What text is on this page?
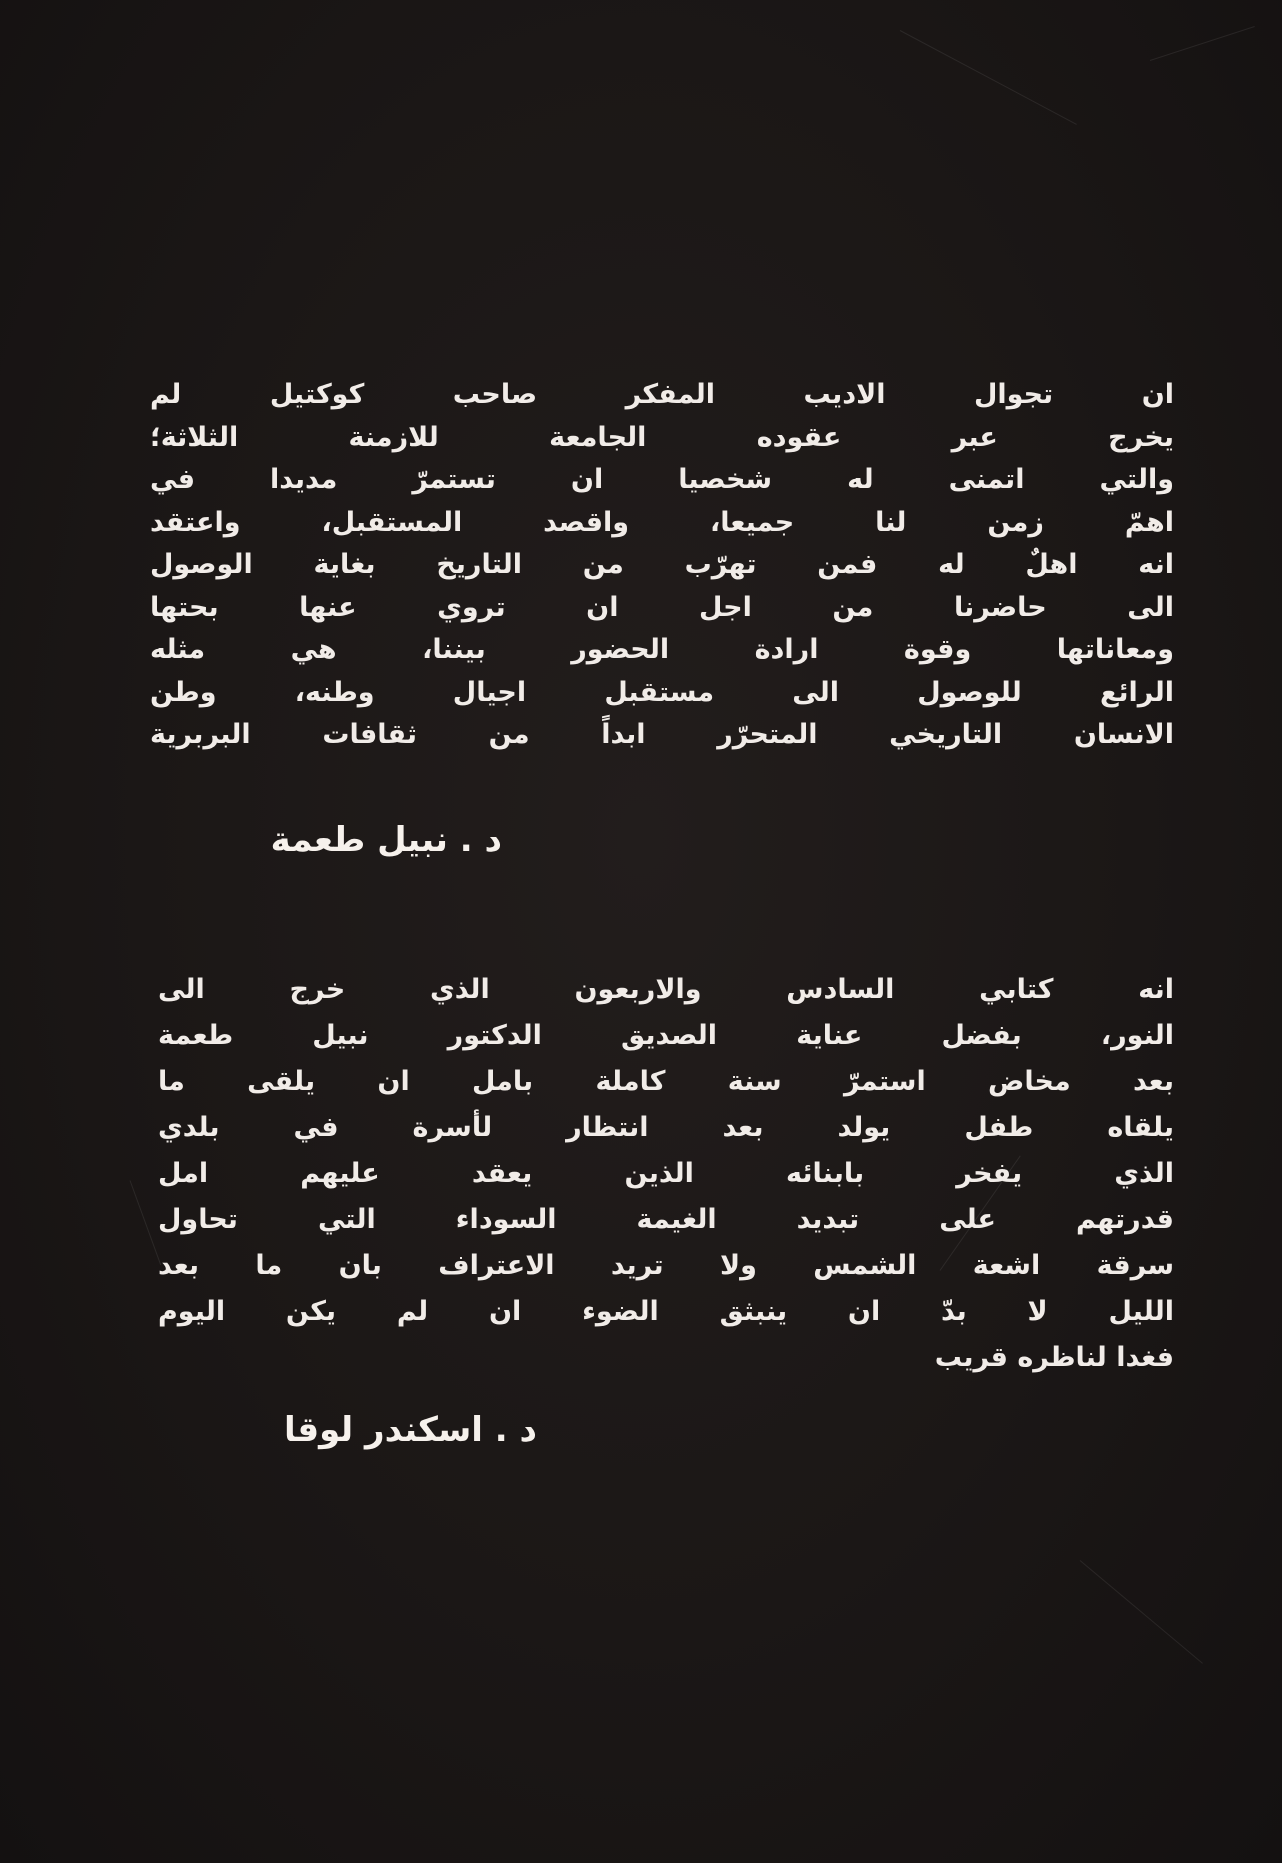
ان تجوال الاديب المفكر صاحب كوكتيل لم
يخرج عبر عقوده الجامعة للازمنة الثلاثة؛
والتي اتمنى له شخصيا ان تستمرّ مديدا في
اهمّ زمن لنا جميعا، واقصد المستقبل، واعتقد
انه اهلٌ له فمن تهرّب من التاريخ بغاية الوصول
الى حاضرنا من اجل ان تروي عنها بحتها
ومعاناتها وقوة ارادة الحضور بيننا، هي مثله
الرائع للوصول الى مستقبل اجيال وطنه، وطن
الانسان التاريخي المتحرّر ابداً من ثقافات البربرية
د . نبيل طعمة
انه كتابي السادس والاربعون الذي خرج الى
النور، بفضل عناية الصديق الدكتور نبيل طعمة
بعد مخاض استمرّ سنة كاملة بامل ان يلقى ما
يلقاه طفل يولد بعد انتظار لأسرة في بلدي
الذي يفخر بابنائه الذين يعقد عليهم امل
قدرتهم على تبديد الغيمة السوداء التي تحاول
سرقة اشعة الشمس ولا تريد الاعتراف بان ما بعد
الليل لا بدّ ان ينبثق الضوء ان لم يكن اليوم
فغدا لناظره قريب
د . اسكندر لوقا
